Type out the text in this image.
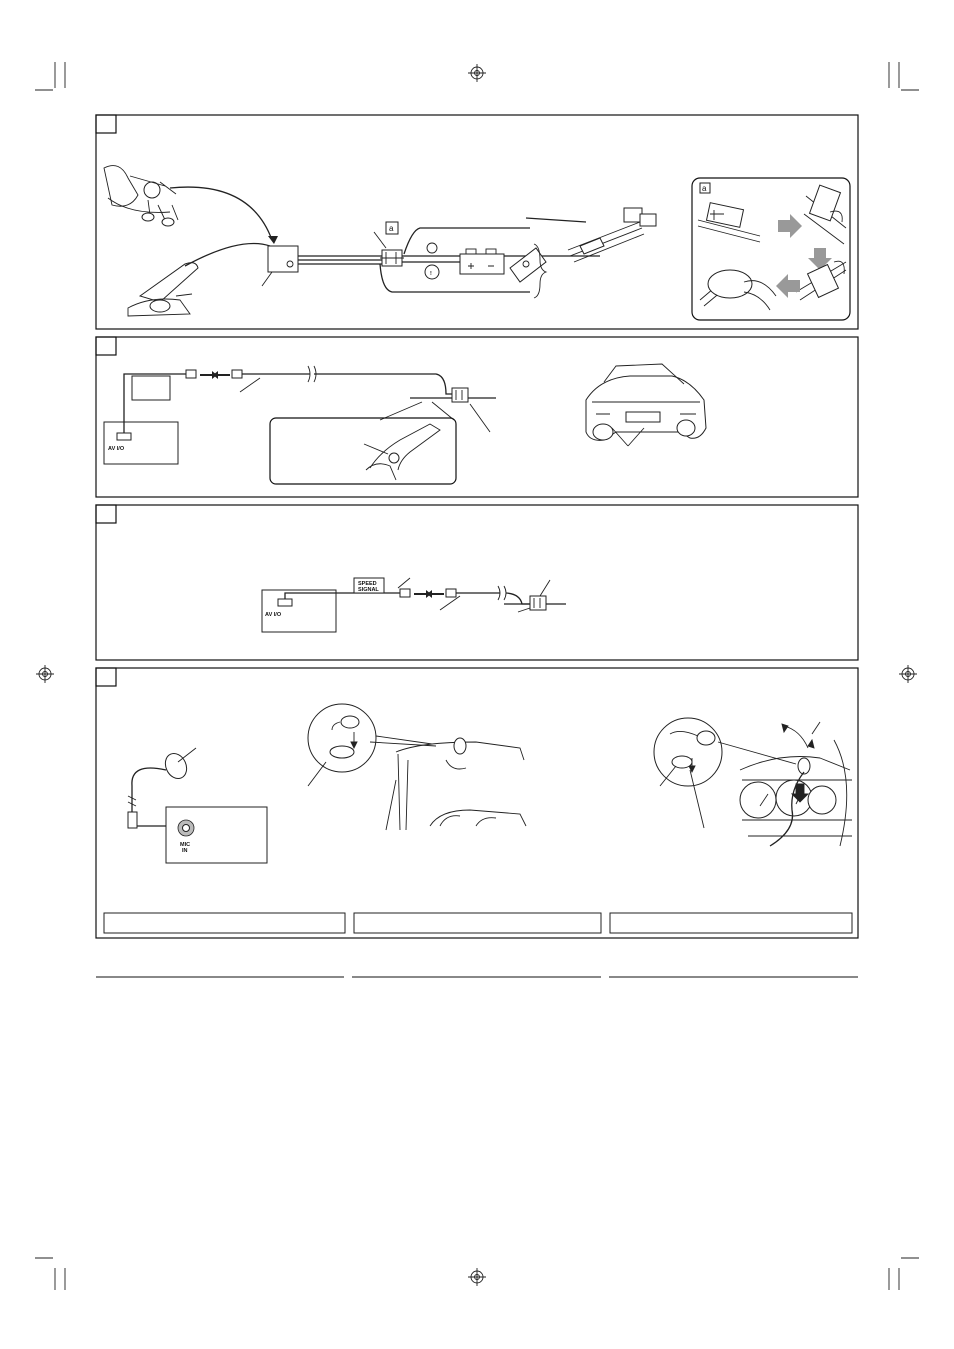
a
!
a
AV I/O
AV I/O
SPEED
SIGNAL
MIC
IN
